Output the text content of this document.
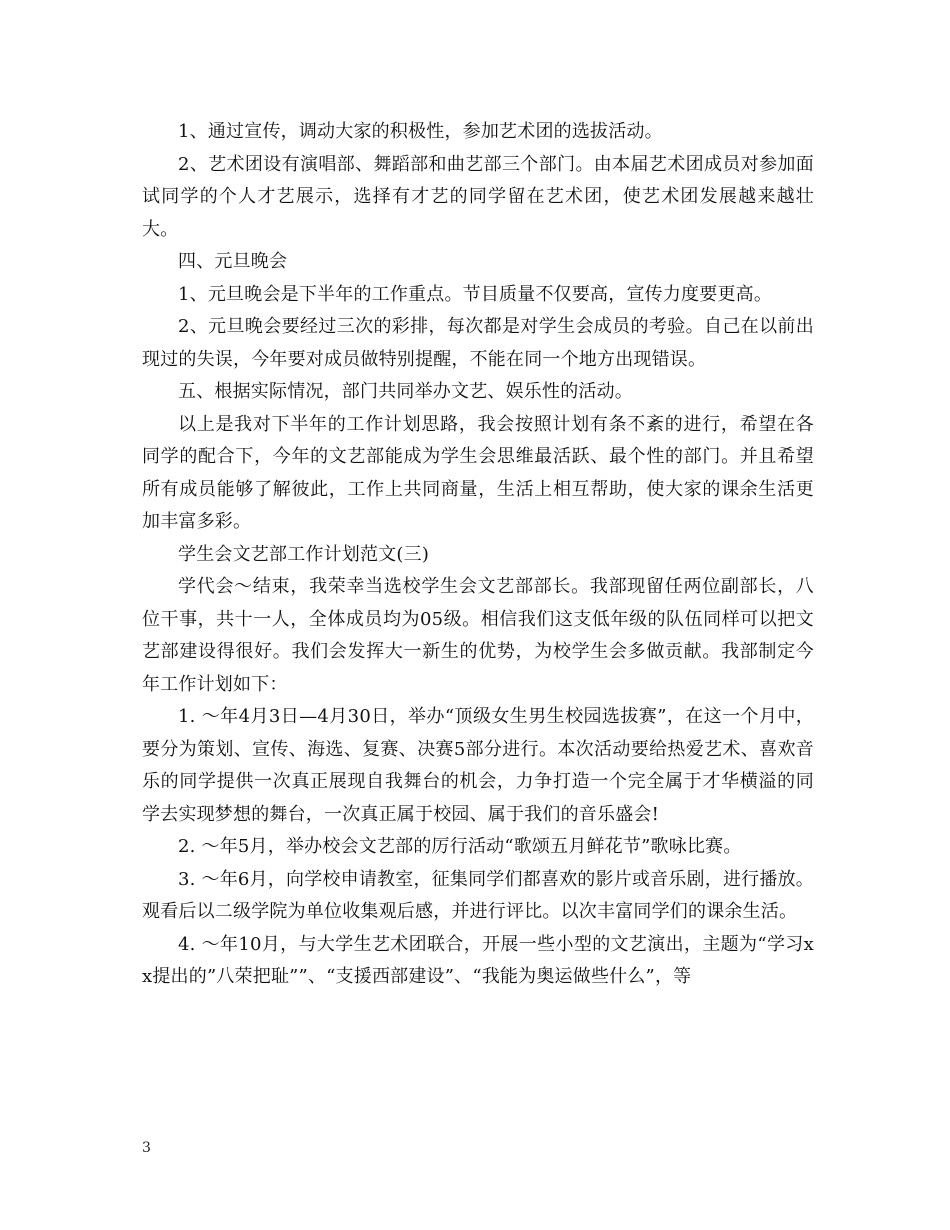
1、通过宣传，调动大家的积极性，参加艺术团的选拔活动。

2、艺术团设有演唱部、舞蹈部和曲艺部三个部门。由本届艺术团成员对参加面试同学的个人才艺展示，选择有才艺的同学留在艺术团，使艺术团发展越来越壮大。

四、元旦晚会

1、元旦晚会是下半年的工作重点。节目质量不仅要高，宣传力度要更高。

2、元旦晚会要经过三次的彩排，每次都是对学生会成员的考验。自己在以前出现过的失误，今年要对成员做特别提醒，不能在同一个地方出现错误。

五、根据实际情况，部门共同举办文艺、娱乐性的活动。

以上是我对下半年的工作计划思路，我会按照计划有条不紊的进行，希望在各同学的配合下，今年的文艺部能成为学生会思维最活跃、最个性的部门。并且希望所有成员能够了解彼此，工作上共同商量，生活上相互帮助，使大家的课余生活更加丰富多彩。

学生会文艺部工作计划范文(三)

学代会～结束，我荣幸当选校学生会文艺部部长。我部现留任两位副部长，八位干事，共十一人，全体成员均为05级。相信我们这支低年级的队伍同样可以把文艺部建设得很好。我们会发挥大一新生的优势，为校学生会多做贡献。我部制定今年工作计划如下：

1. ～年4月3日—4月30日，举办“顶级女生男生校园选拔赛”，在这一个月中，要分为策划、宣传、海选、复赛、决赛5部分进行。本次活动要给热爱艺术、喜欢音乐的同学提供一次真正展现自我舞台的机会，力争打造一个完全属于才华横溢的同学去实现梦想的舞台，一次真正属于校园、属于我们的音乐盛会!

2. ～年5月，举办校会文艺部的厉行活动“歌颂五月鲜花节”歌咏比赛。

3. ～年6月，向学校申请教室，征集同学们都喜欢的影片或音乐剧，进行播放。观看后以二级学院为单位收集观后感，并进行评比。以次丰富同学们的课余生活。

4. ～年10月，与大学生艺术团联合，开展一些小型的文艺演出，主题为“学习xx提出的”八荣把耻””、“支援西部建设”、“我能为奥运做些什么”，等

3
